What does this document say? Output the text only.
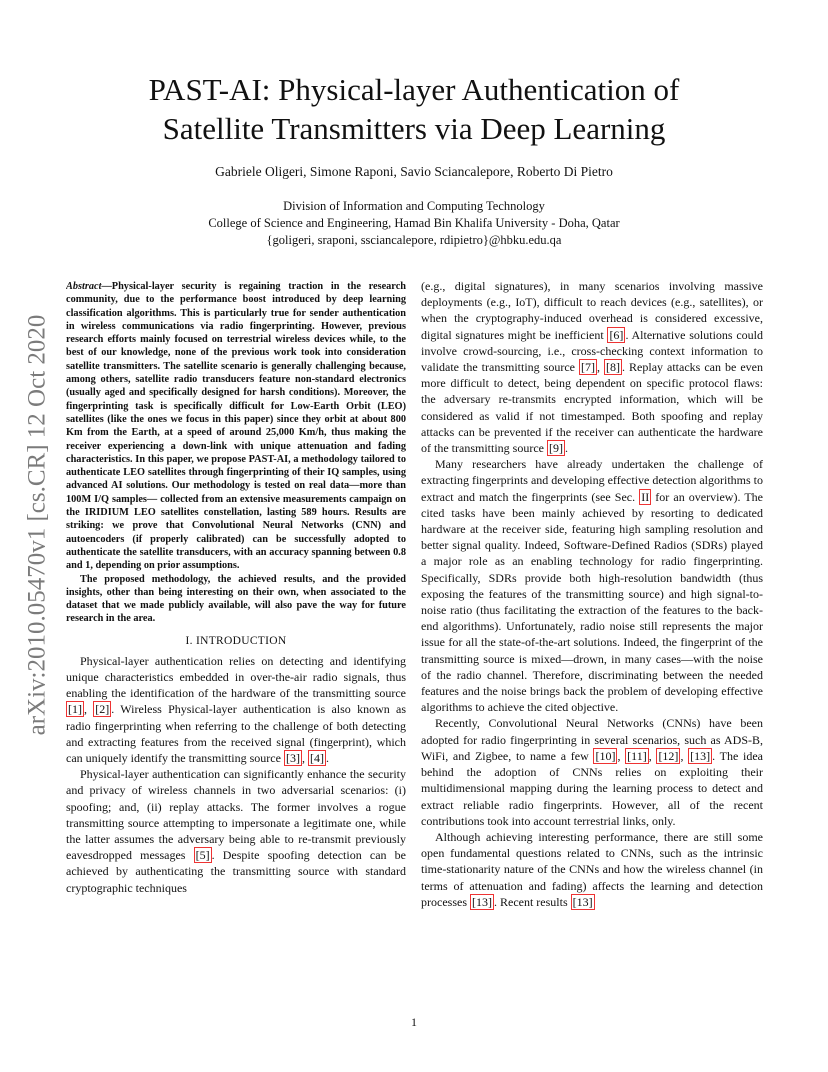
PAST-AI: Physical-layer Authentication of
Satellite Transmitters via Deep Learning
Gabriele Oligeri, Simone Raponi, Savio Sciancalepore, Roberto Di Pietro
Division of Information and Computing Technology
College of Science and Engineering, Hamad Bin Khalifa University - Doha, Qatar
{goligeri, sraponi, ssciancalepore, rdipietro}@hbku.edu.qa
arXiv:2010.05470v1 [cs.CR] 12 Oct 2020

Abstract—Physical-layer security is regaining traction in the research community, due to the performance boost introduced by deep learning classification algorithms. This is particularly true for sender authentication in wireless communications via radio fingerprinting. However, previous research efforts mainly focused on terrestrial wireless devices while, to the best of our knowledge, none of the previous work took into consideration satellite transmitters. The satellite scenario is generally challenging because, among others, satellite radio transducers feature non-standard electronics (usually aged and specifically designed for harsh conditions). Moreover, the fingerprinting task is specifically difficult for Low-Earth Orbit (LEO) satellites (like the ones we focus in this paper) since they orbit at about 800 Km from the Earth, at a speed of around 25,000 Km/h, thus making the receiver experiencing a down-link with unique attenuation and fading characteristics. In this paper, we propose PAST-AI, a methodology tailored to authenticate LEO satellites through fingerprinting of their IQ samples, using advanced AI solutions. Our methodology is tested on real data—more than 100M I/Q samples— collected from an extensive measurements campaign on the IRIDIUM LEO satellites constellation, lasting 589 hours. Results are striking: we prove that Convolutional Neural Networks (CNN) and autoencoders (if properly calibrated) can be successfully adopted to authenticate the satellite transducers, with an accuracy spanning between 0.8 and 1, depending on prior assumptions.

The proposed methodology, the achieved results, and the provided insights, other than being interesting on their own, when associated to the dataset that we made publicly available, will also pave the way for future research in the area.

I. INTRODUCTION

Physical-layer authentication relies on detecting and identifying unique characteristics embedded in over-the-air radio signals, thus enabling the identification of the hardware of the transmitting source [1] , [2] . Wireless Physical-layer authentication is also known as radio fingerprinting when referring to the challenge of both detecting and extracting features from the received signal (fingerprint), which can uniquely identify the transmitting source [3] , [4] .

Physical-layer authentication can significantly enhance the security and privacy of wireless channels in two adversarial scenarios: (i) spoofing; and, (ii) replay attacks. The former involves a rogue transmitting source attempting to impersonate a legitimate one, while the latter assumes the adversary being able to re-transmit previously eavesdropped messages [5] . Despite spoofing detection can be achieved by authenticating the transmitting source with standard cryptographic techniques

(e.g., digital signatures), in many scenarios involving massive deployments (e.g., IoT), difficult to reach devices (e.g., satellites), or when the cryptography-induced overhead is considered excessive, digital signatures might be inefficient [6] . Alternative solutions could involve crowd-sourcing, i.e., cross-checking context information to validate the transmitting source [7] , [8] . Replay attacks can be even more difficult to detect, being dependent on specific protocol flaws: the adversary re-transmits encrypted information, which will be considered as valid if not timestamped. Both spoofing and replay attacks can be prevented if the receiver can authenticate the hardware of the transmitting source [9] .

Many researchers have already undertaken the challenge of extracting fingerprints and developing effective detection algorithms to extract and match the fingerprints (see Sec. II for an overview). The cited tasks have been mainly achieved by resorting to dedicated hardware at the receiver side, featuring high sampling resolution and better signal quality. Indeed, Software-Defined Radios (SDRs) played a major role as an enabling technology for radio fingerprinting. Specifically, SDRs provide both high-resolution bandwidth (thus exposing the features of the transmitting source) and high signal-to-noise ratio (thus facilitating the extraction of the features to the back-end algorithms). Unfortunately, radio noise still represents the major issue for all the state-of-the-art solutions. Indeed, the fingerprint of the transmitting source is mixed—drown, in many cases—with the noise of the radio channel. Therefore, discriminating between the needed features and the noise brings back the problem of developing effective algorithms to achieve the cited objective.

Recently, Convolutional Neural Networks (CNNs) have been adopted for radio fingerprinting in several scenarios, such as ADS-B, WiFi, and Zigbee, to name a few [10] , [11] , [12] , [13] . The idea behind the adoption of CNNs relies on exploiting their multidimensional mapping during the learning process to detect and extract reliable radio fingerprints. However, all of the recent contributions took into account terrestrial links, only.

Although achieving interesting performance, there are still some open fundamental questions related to CNNs, such as the intrinsic time-stationarity nature of the CNNs and how the wireless channel (in terms of attenuation and fading) affects the learning and detection processes [13] . Recent results [13]

1
